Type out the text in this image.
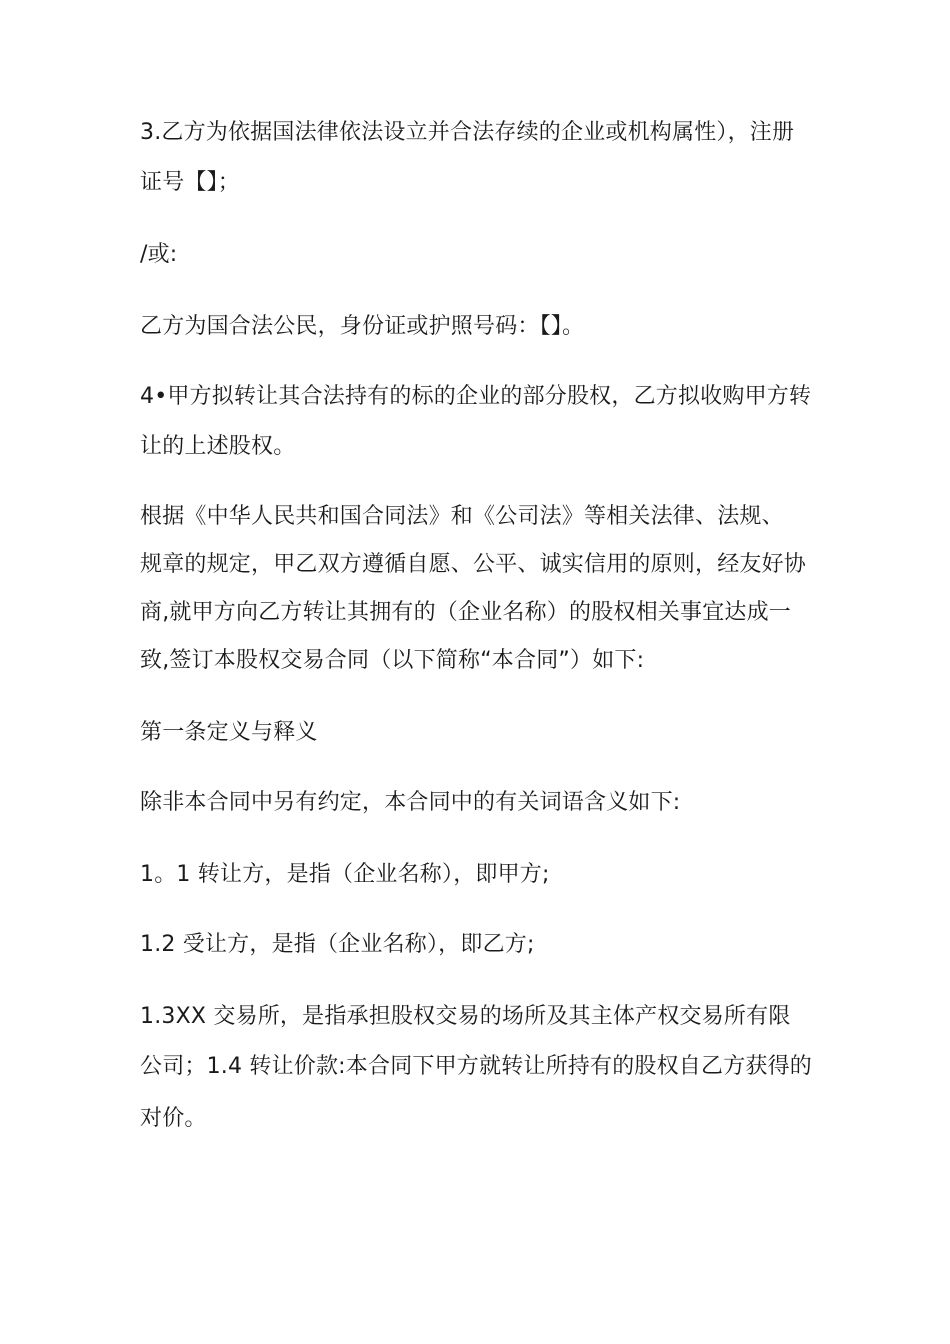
3.乙方为依据国法律依法设立并合法存续的企业或机构属性），注册
证号【】；
/或:
乙方为国合法公民，身份证或护照号码：【】。
4•甲方拟转让其合法持有的标的企业的部分股权，乙方拟收购甲方转
让的上述股权。
根据《中华人民共和国合同法》和《公司法》等相关法律、法规、
规章的规定，甲乙双方遵循自愿、公平、诚实信用的原则，经友好协
商,就甲方向乙方转让其拥有的（企业名称）的股权相关事宜达成一
致,签订本股权交易合同（以下简称“本合同”）如下:
第一条定义与释义
除非本合同中另有约定，本合同中的有关词语含义如下:
1。1 转让方，是指（企业名称），即甲方;
1.2 受让方，是指（企业名称），即乙方;
1.3XX 交易所，是指承担股权交易的场所及其主体产权交易所有限
公司；1.4 转让价款:本合同下甲方就转让所持有的股权自乙方获得的
对价。
